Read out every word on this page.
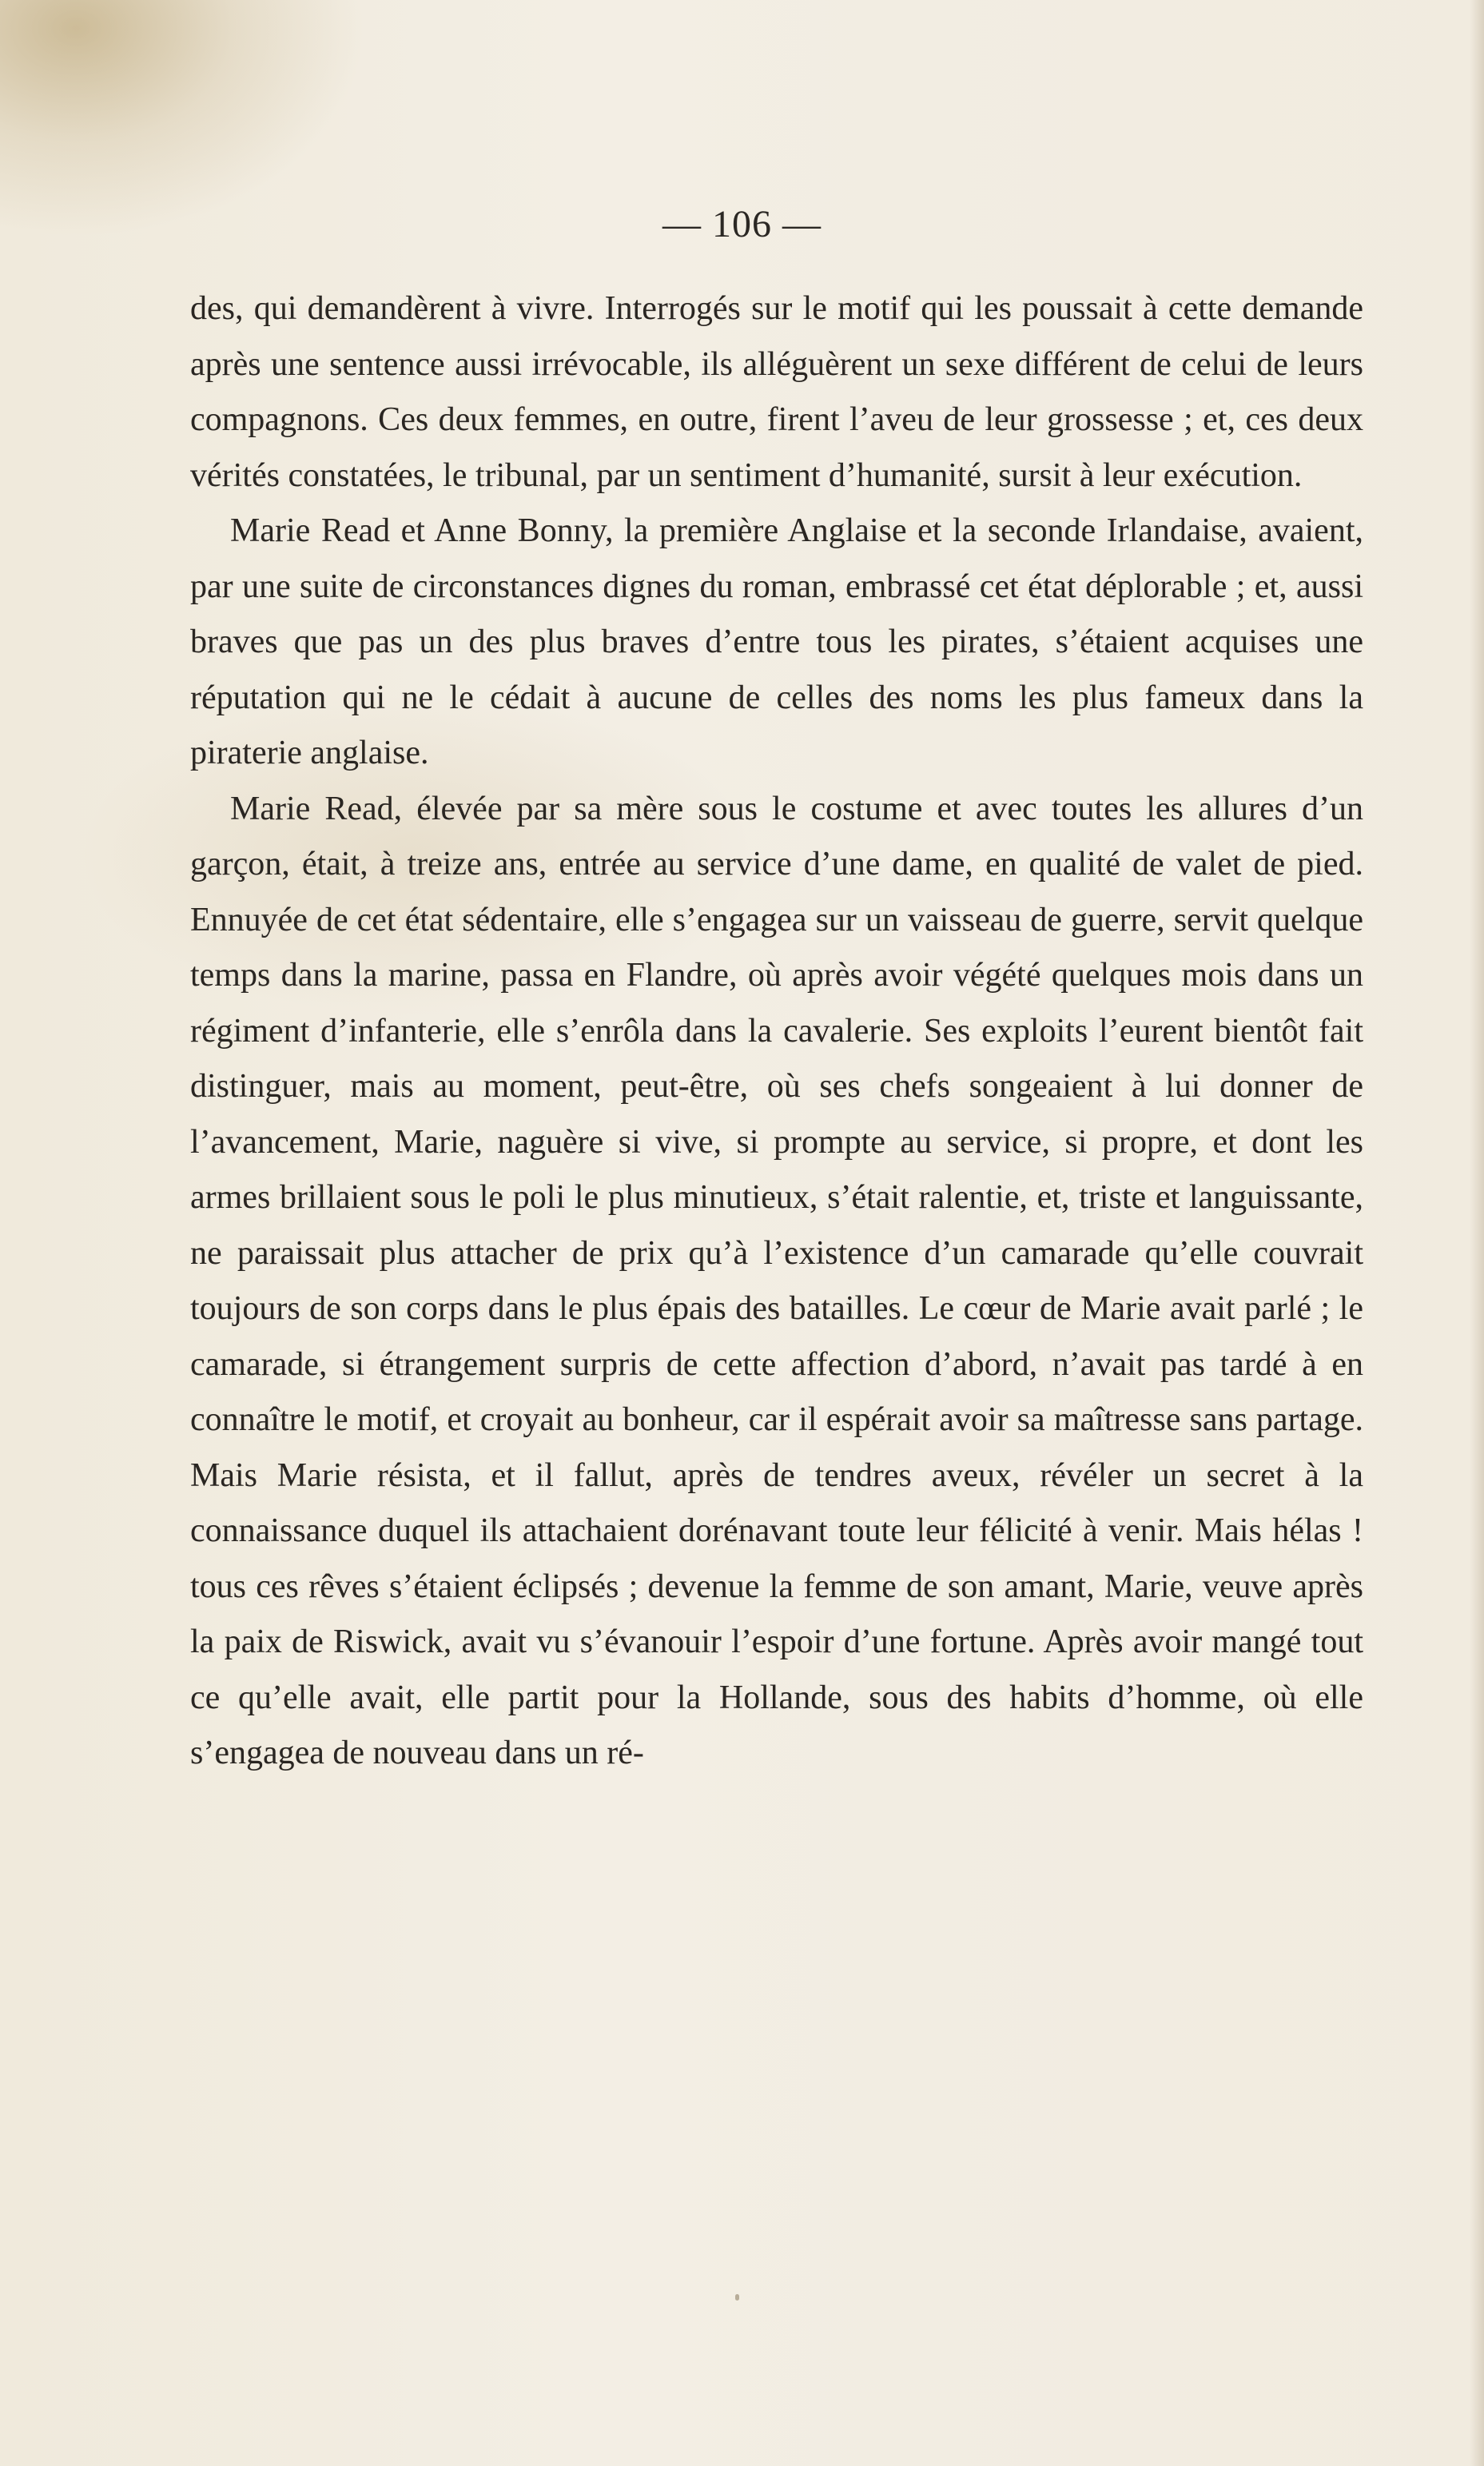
— 106 —

des, qui demandèrent à vivre. Interrogés sur le motif qui les poussait à cette demande après une sentence aussi irrévocable, ils alléguèrent un sexe différent de celui de leurs compagnons. Ces deux femmes, en outre, firent l’aveu de leur grossesse ; et, ces deux vérités constatées, le tribunal, par un sentiment d’humanité, sursit à leur exécution.

Marie Read et Anne Bonny, la première Anglaise et la seconde Irlandaise, avaient, par une suite de circonstances dignes du roman, embrassé cet état déplorable ; et, aussi braves que pas un des plus braves d’entre tous les pirates, s’étaient acquises une réputation qui ne le cédait à aucune de celles des noms les plus fameux dans la piraterie anglaise.

Marie Read, élevée par sa mère sous le costume et avec toutes les allures d’un garçon, était, à treize ans, entrée au service d’une dame, en qualité de valet de pied. Ennuyée de cet état sédentaire, elle s’engagea sur un vaisseau de guerre, servit quelque temps dans la marine, passa en Flandre, où après avoir végété quelques mois dans un régiment d’infanterie, elle s’enrôla dans la cavalerie. Ses exploits l’eurent bientôt fait distinguer, mais au moment, peut-être, où ses chefs songeaient à lui donner de l’avancement, Marie, naguère si vive, si prompte au service, si propre, et dont les armes brillaient sous le poli le plus minutieux, s’était ralentie, et, triste et languissante, ne paraissait plus attacher de prix qu’à l’existence d’un camarade qu’elle couvrait toujours de son corps dans le plus épais des batailles. Le cœur de Marie avait parlé ; le camarade, si étrangement surpris de cette affection d’abord, n’avait pas tardé à en connaître le motif, et croyait au bonheur, car il espérait avoir sa maîtresse sans partage. Mais Marie résista, et il fallut, après de tendres aveux, révéler un secret à la connaissance duquel ils attachaient dorénavant toute leur félicité à venir. Mais hélas ! tous ces rêves s’étaient éclipsés ; devenue la femme de son amant, Marie, veuve après la paix de Riswick, avait vu s’évanouir l’espoir d’une fortune. Après avoir mangé tout ce qu’elle avait, elle partit pour la Hollande, sous des habits d’homme, où elle s’engagea de nouveau dans un ré-
